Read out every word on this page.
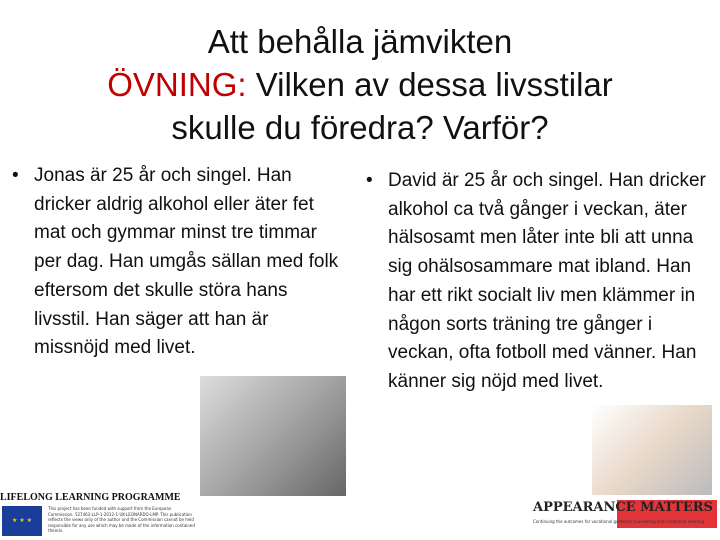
Att behålla jämvikten
ÖVNING: Vilken av dessa livsstilar
skulle du föredra? Varför?
• Jonas är 25 år och singel. Han dricker aldrig alkohol eller äter fet mat och gymmar minst tre timmar per dag. Han umgås sällan med folk eftersom det skulle störa hans livsstil. Han säger att han är missnöjd med livet.
• David är 25 år och singel. Han dricker alkohol ca två gånger i veckan, äter hälsosamt men låter inte bli att unna sig ohälsosammare mat ibland. Han har ett rikt socialt liv men klämmer in någon sorts träning tre gånger i veckan, ofta fotboll med vänner. Han känner sig nöjd med livet.
LIFELONG LEARNING PROGRAMME
★ ★ ★
This project has been funded with support from the European Commission. 527463-LLP-1-2012-1-UK-LEONARDO-LMP. This publication reflects the views only of the author and the Commission cannot be held responsible for any use which may be made of the information contained therein.
APPEARANCE MATTERS
Continuing the outcomes for vocational guidance counselling and vocational learning
